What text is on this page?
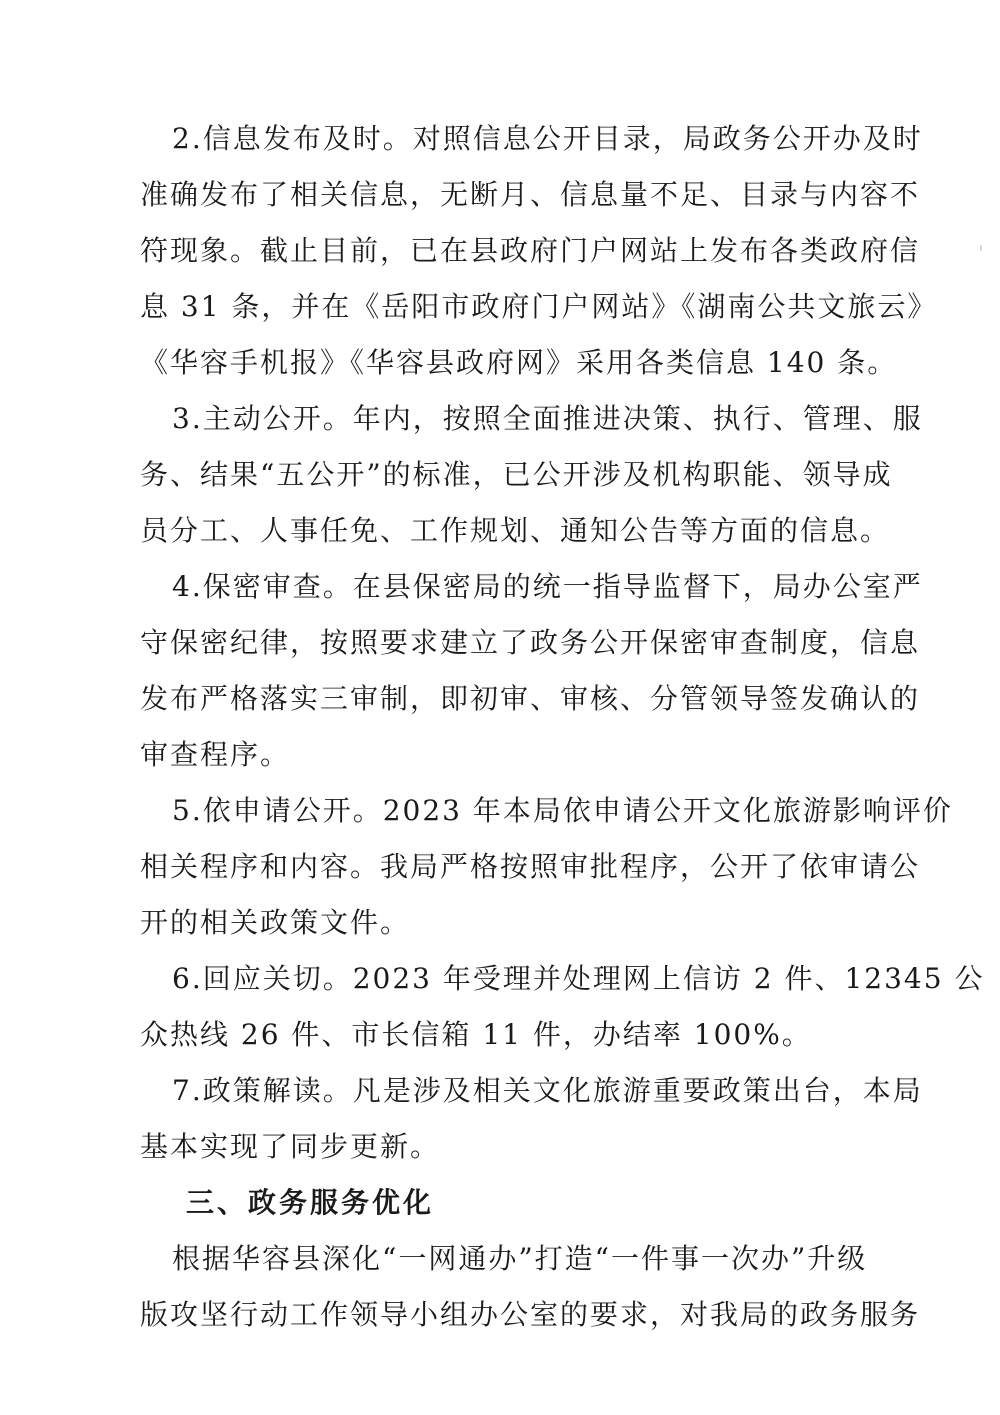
2.信息发布及时。对照信息公开目录，局政务公开办及时
准确发布了相关信息，无断月、信息量不足、目录与内容不
符现象。截止目前，已在县政府门户网站上发布各类政府信
息 31 条，并在《岳阳市政府门户网站》《湖南公共文旅云》
《华容手机报》《华容县政府网》采用各类信息 140 条。
3.主动公开。年内，按照全面推进决策、执行、管理、服
务、结果“五公开”的标准，已公开涉及机构职能、领导成
员分工、人事任免、工作规划、通知公告等方面的信息。
4.保密审查。在县保密局的统一指导监督下，局办公室严
守保密纪律，按照要求建立了政务公开保密审查制度，信息
发布严格落实三审制，即初审、审核、分管领导签发确认的
审查程序。
5.依申请公开。2023 年本局依申请公开文化旅游影响评价
相关程序和内容。我局严格按照审批程序，公开了依审请公
开的相关政策文件。
6.回应关切。2023 年受理并处理网上信访 2 件、12345 公
众热线 26 件、市长信箱 11 件，办结率 100%。
7.政策解读。凡是涉及相关文化旅游重要政策出台，本局
基本实现了同步更新。
三、政务服务优化
根据华容县深化“一网通办”打造“一件事一次办”升级
版攻坚行动工作领导小组办公室的要求，对我局的政务服务
